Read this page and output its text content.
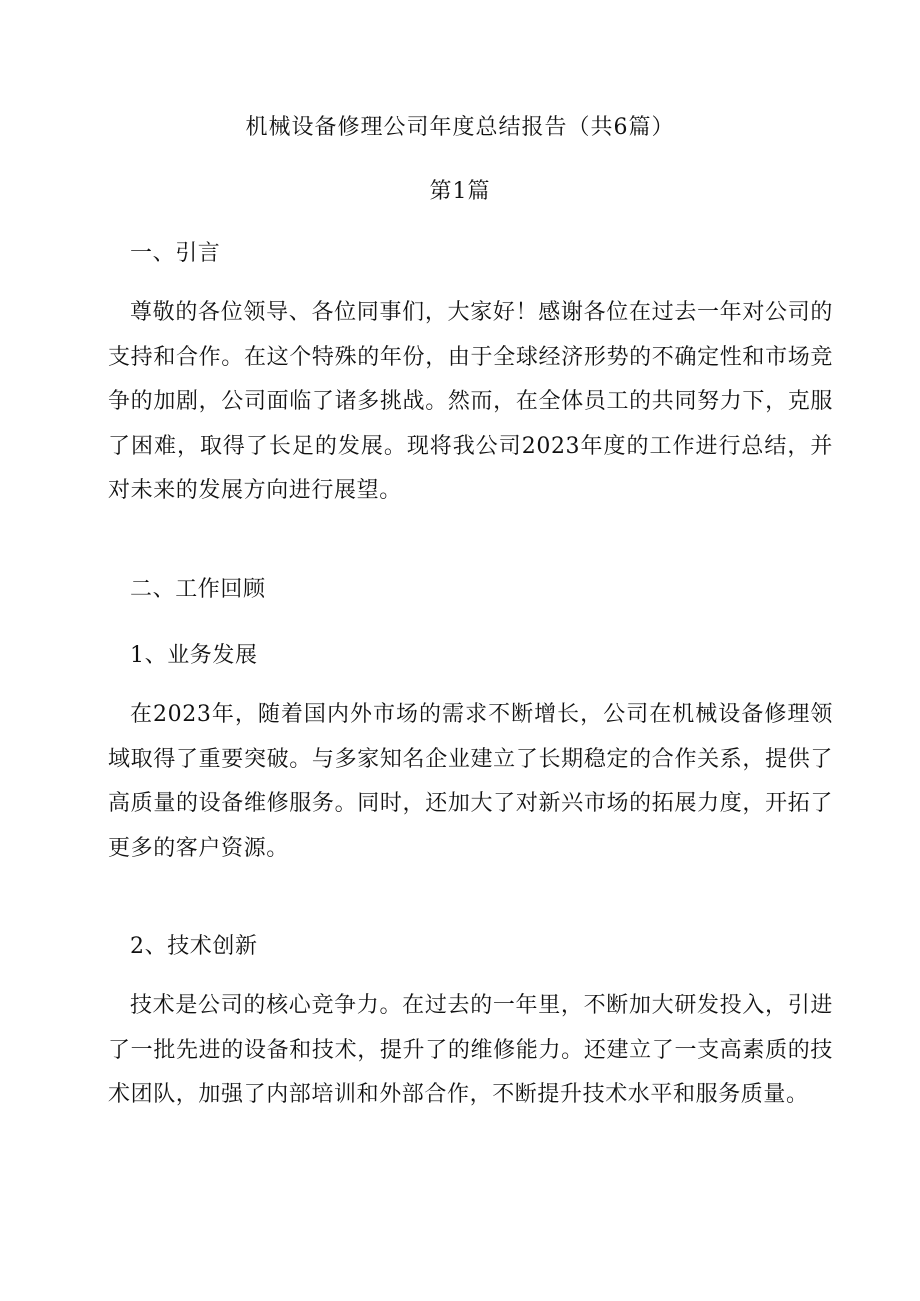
机械设备修理公司年度总结报告（共6篇）
第1篇
一、引言
尊敬的各位领导、各位同事们，大家好！感谢各位在过去一年对公司的支持和合作。在这个特殊的年份，由于全球经济形势的不确定性和市场竞争的加剧，公司面临了诸多挑战。然而，在全体员工的共同努力下，克服了困难，取得了长足的发展。现将我公司2023年度的工作进行总结，并对未来的发展方向进行展望。
二、工作回顾
1、业务发展
在2023年，随着国内外市场的需求不断增长，公司在机械设备修理领域取得了重要突破。与多家知名企业建立了长期稳定的合作关系，提供了高质量的设备维修服务。同时，还加大了对新兴市场的拓展力度，开拓了更多的客户资源。
2、技术创新
技术是公司的核心竞争力。在过去的一年里，不断加大研发投入，引进了一批先进的设备和技术，提升了的维修能力。还建立了一支高素质的技术团队，加强了内部培训和外部合作，不断提升技术水平和服务质量。
